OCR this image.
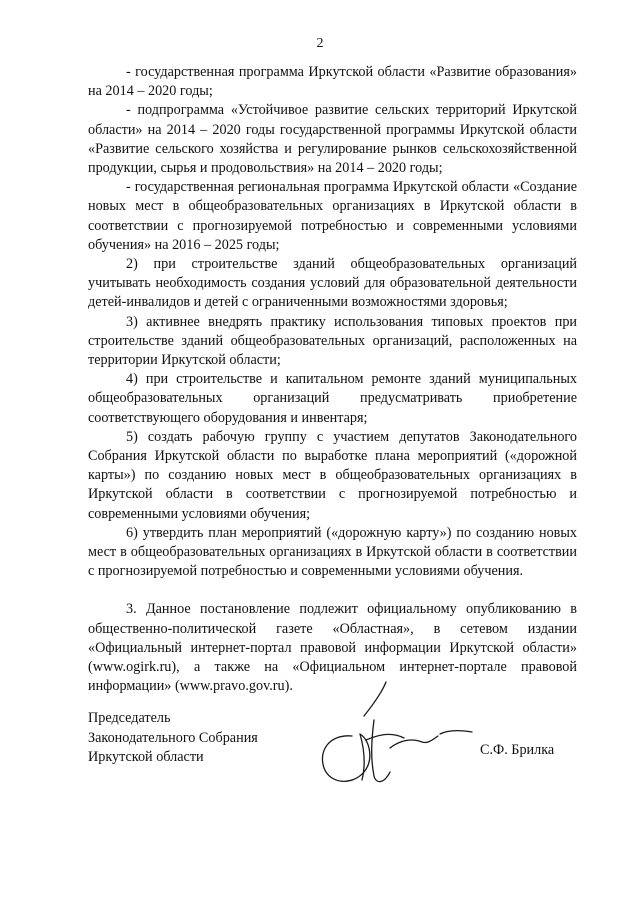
2

- государственная программа Иркутской области «Развитие образования» на 2014 – 2020 годы;

- подпрограмма «Устойчивое развитие сельских территорий Иркутской области» на 2014 – 2020 годы государственной программы Иркутской области «Развитие сельского хозяйства и регулирование рынков сельскохозяйственной продукции, сырья и продовольствия» на 2014 – 2020 годы;

- государственная региональная программа Иркутской области «Создание новых мест в общеобразовательных организациях в Иркутской области в соответствии с прогнозируемой потребностью и современными условиями обучения» на 2016 – 2025 годы;

2) при строительстве зданий общеобразовательных организаций учитывать необходимость создания условий для образовательной деятельности детей-инвалидов и детей с ограниченными возможностями здоровья;

3) активнее внедрять практику использования типовых проектов при строительстве зданий общеобразовательных организаций, расположенных на территории Иркутской области;

4) при строительстве и капитальном ремонте зданий муниципальных общеобразовательных организаций предусматривать приобретение соответствующего оборудования и инвентаря;

5) создать рабочую группу с участием депутатов Законодательного Собрания Иркутской области по выработке плана мероприятий («дорожной карты») по созданию новых мест в общеобразовательных организациях в Иркутской области в соответствии с прогнозируемой потребностью и современными условиями обучения;

6) утвердить план мероприятий («дорожную карту») по созданию новых мест в общеобразовательных организациях в Иркутской области в соответствии с прогнозируемой потребностью и современными условиями обучения.

3. Данное постановление подлежит официальному опубликованию в общественно-политической газете «Областная», в сетевом издании «Официальный интернет-портал правовой информации Иркутской области» (www.ogirk.ru), а также на «Официальном интернет-портале правовой информации» (www.pravo.gov.ru).

Председатель
Законодательного Собрания
Иркутской области	С.Ф. Брилка
